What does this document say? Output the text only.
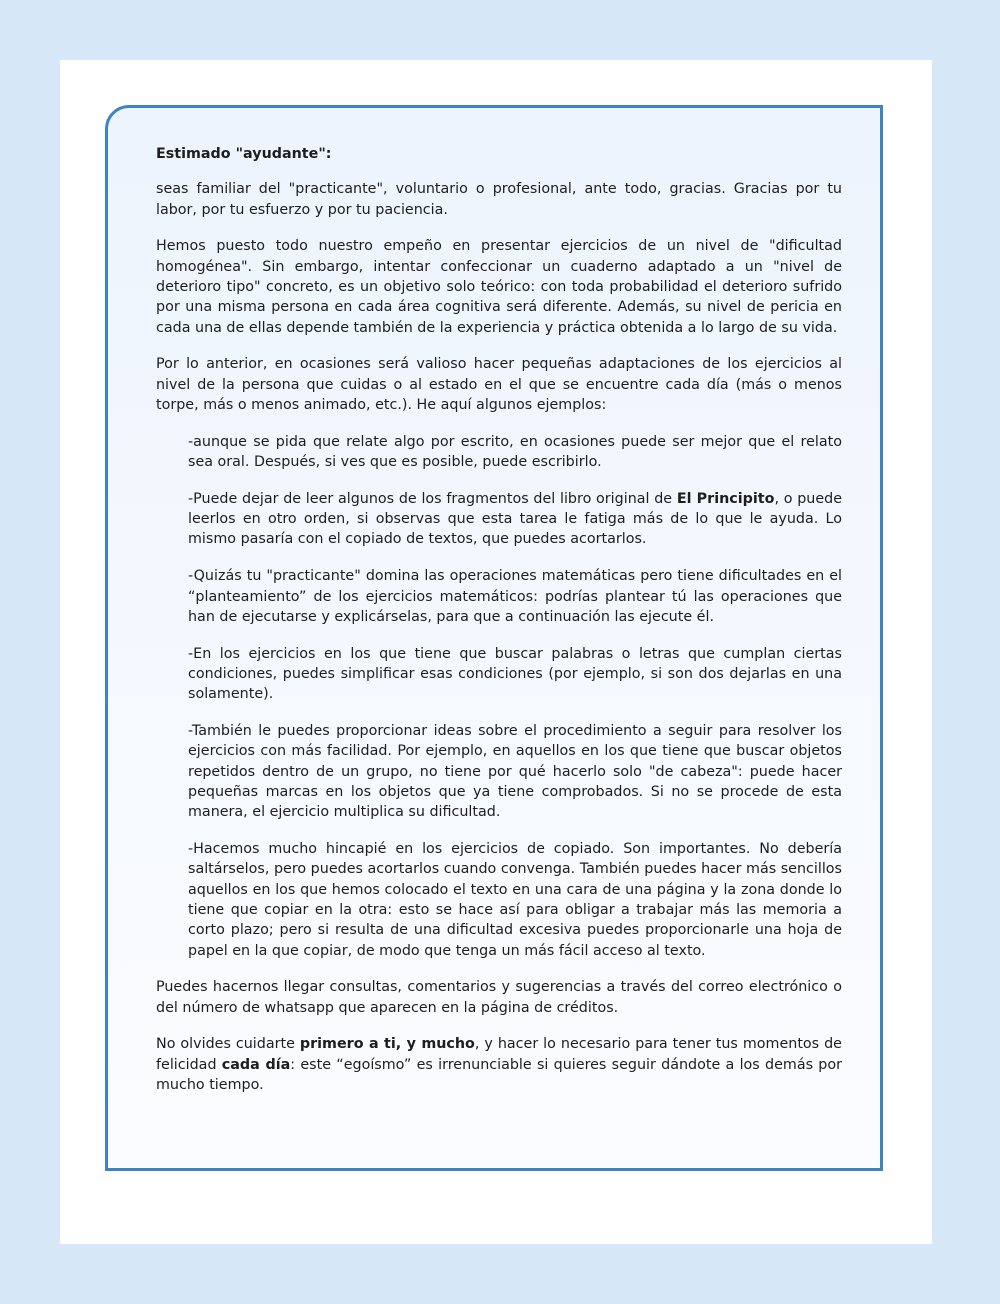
Estimado "ayudante":

seas familiar del "practicante", voluntario o profesional, ante todo, gracias. Gracias por tu labor, por tu esfuerzo y por tu paciencia.

Hemos puesto todo nuestro empeño en presentar ejercicios de un nivel de "dificultad homogénea". Sin embargo, intentar confeccionar un cuaderno adaptado a un "nivel de deterioro tipo" concreto, es un objetivo solo teórico: con toda probabilidad el deterioro sufrido por una misma persona en cada área cognitiva será diferente. Además, su nivel de pericia en cada una de ellas depende también de la experiencia y práctica obtenida a lo largo de su vida.

Por lo anterior, en ocasiones será valioso hacer pequeñas adaptaciones de los ejercicios al nivel de la persona que cuidas o al estado en el que se encuentre cada día (más o menos torpe, más o menos animado, etc.). He aquí algunos ejemplos:

-aunque se pida que relate algo por escrito, en ocasiones puede ser mejor que el relato sea oral. Después, si ves que es posible, puede escribirlo.

-Puede dejar de leer algunos de los fragmentos del libro original de El Principito, o puede leerlos en otro orden, si observas que esta tarea le fatiga más de lo que le ayuda. Lo mismo pasaría con el copiado de textos, que puedes acortarlos.

-Quizás tu "practicante" domina las operaciones matemáticas pero tiene dificultades en el “planteamiento” de los ejercicios matemáticos: podrías plantear tú las operaciones que han de ejecutarse y explicárselas, para que a continuación las ejecute él.

-En los ejercicios en los que tiene que buscar palabras o letras que cumplan ciertas condiciones, puedes simplificar esas condiciones (por ejemplo, si son dos dejarlas en una solamente).

-También le puedes proporcionar ideas sobre el procedimiento a seguir para resolver los ejercicios con más facilidad. Por ejemplo, en aquellos en los que tiene que buscar objetos repetidos dentro de un grupo, no tiene por qué hacerlo solo "de cabeza": puede hacer pequeñas marcas en los objetos que ya tiene comprobados. Si no se procede de esta manera, el ejercicio multiplica su dificultad.

-Hacemos mucho hincapié en los ejercicios de copiado. Son importantes. No debería saltárselos, pero puedes acortarlos cuando convenga. También puedes hacer más sencillos aquellos en los que hemos colocado el texto en una cara de una página y la zona donde lo tiene que copiar en la otra: esto se hace así para obligar a trabajar más las memoria a corto plazo; pero si resulta de una dificultad excesiva puedes proporcionarle una hoja de papel en la que copiar, de modo que tenga un más fácil acceso al texto.

Puedes hacernos llegar consultas, comentarios y sugerencias a través del correo electrónico o del número de whatsapp que aparecen en la página de créditos.

No olvides cuidarte primero a ti, y mucho, y hacer lo necesario para tener tus momentos de felicidad cada día: este “egoísmo” es irrenunciable si quieres seguir dándote a los demás por mucho tiempo.
